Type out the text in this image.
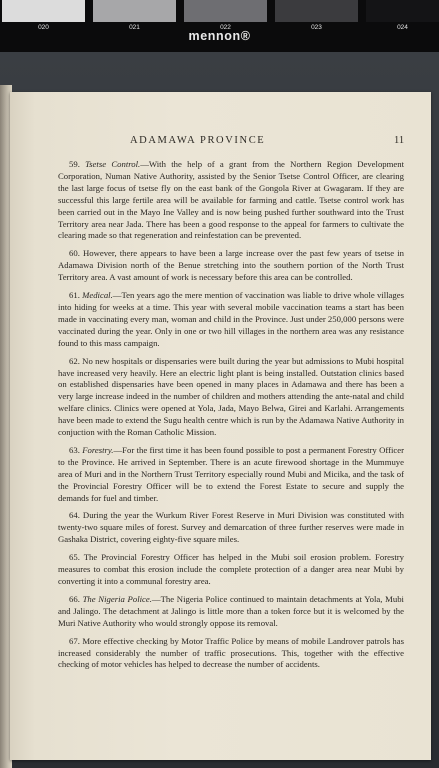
020	021	022	023	024
mennon®
ADAMAWA PROVINCE	11

59. Tsetse Control.—With the help of a grant from the Northern Region Development Corporation, Numan Native Authority, assisted by the Senior Tsetse Control Officer, are clearing the last large focus of tsetse fly on the east bank of the Gongola River at Gwagaram. If they are successful this large fertile area will be available for farming and cattle. Tsetse control work has been carried out in the Mayo Ine Valley and is now being pushed further southward into the Trust Territory area near Jada. There has been a good response to the appeal for farmers to cultivate the clearing made so that regeneration and reinfestation can be prevented.

60. However, there appears to have been a large increase over the past few years of tsetse in Adamawa Division north of the Benue stretching into the southern portion of the North Trust Territory area. A vast amount of work is necessary before this area can be controlled.

61. Medical.—Ten years ago the mere mention of vaccination was liable to drive whole villages into hiding for weeks at a time. This year with several mobile vaccination teams a start has been made in vaccinating every man, woman and child in the Province. Just under 250,000 persons were vaccinated during the year. Only in one or two hill villages in the northern area was any resistance found to this mass campaign.

62. No new hospitals or dispensaries were built during the year but admissions to Mubi hospital have increased very heavily. Here an electric light plant is being installed. Outstation clinics based on established dispensaries have been opened in many places in Adamawa and there has been a very large increase indeed in the number of children and mothers attending the ante-natal and child welfare clinics. Clinics were opened at Yola, Jada, Mayo Belwa, Girei and Karlahi. Arrangements have been made to extend the Sugu health centre which is run by the Adamawa Native Authority in conjuction with the Roman Catholic Mission.

63. Forestry.—For the first time it has been found possible to post a permanent Forestry Officer to the Province. He arrived in September. There is an acute firewood shortage in the Mummuye area of Muri and in the Northern Trust Territory especially round Mubi and Micika, and the task of the Provincial Forestry Officer will be to extend the Forest Estate to secure and supply the demands for fuel and timber.

64. During the year the Wurkum River Forest Reserve in Muri Division was constituted with twenty-two square miles of forest. Survey and demarcation of three further reserves were made in Gashaka District, covering eighty-five square miles.

65. The Provincial Forestry Officer has helped in the Mubi soil erosion problem. Forestry measures to combat this erosion include the complete protection of a danger area near Mubi by converting it into a communal forestry area.

66. The Nigeria Police.—The Nigeria Police continued to maintain detachments at Yola, Mubi and Jalingo. The detachment at Jalingo is little more than a token force but it is welcomed by the Muri Native Authority who would strongly oppose its removal.

67. More effective checking by Motor Traffic Police by means of mobile Landrover patrols has increased considerably the number of traffic prosecutions. This, together with the effective checking of motor vehicles has helped to decrease the number of accidents.
